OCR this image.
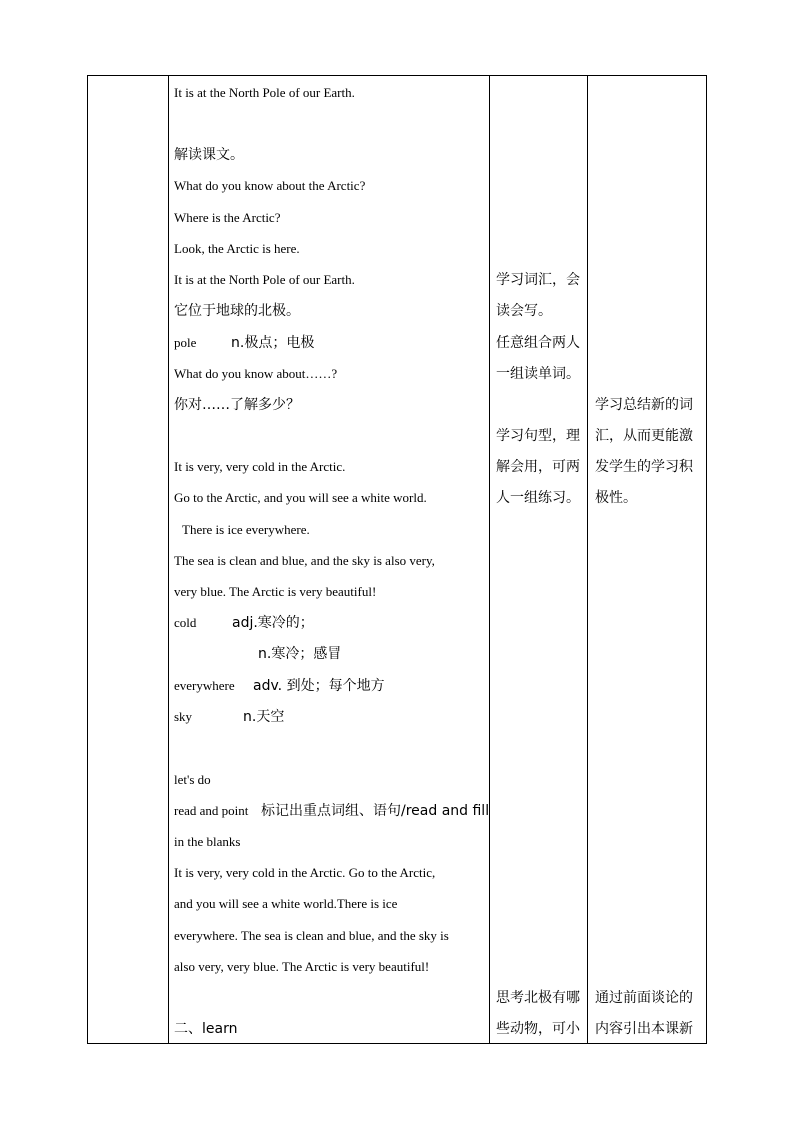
It is at the North Pole of our Earth.
解读课文。
What do you know about the Arctic?
Where is the Arctic?
Look, the Arctic is here.
It is at the North Pole of our Earth.
它位于地球的北极。
pole
What do you know about……?
你对……了解多少？
It is very, very cold in the Arctic.
Go to the Arctic, and you will see a white world.
There is ice everywhere.
The sea is clean and blue, and the sky is also very,
very blue. The Arctic is very beautiful!
cold
everywhere
sky
let's do
read and point
in the blanks
It is very, very cold in the Arctic. Go to the Arctic,
and you will see a white world.There is ice
everywhere. The sea is clean and blue, and the sky is
also very, very blue. The Arctic is very beautiful!
二、learn
n.极点；电极
adj.寒冷的；
n.寒冷；感冒
adv. 到处；每个地方
n.天空
标记出重点词组、语句/read and fill
学习词汇，会
读会写。
任意组合两人
一组读单词。
学习句型，理
解会用，可两
人一组练习。
思考北极有哪
些动物，可小
学习总结新的词
汇，从而更能激
发学生的学习积
极性。
通过前面谈论的
内容引出本课新
